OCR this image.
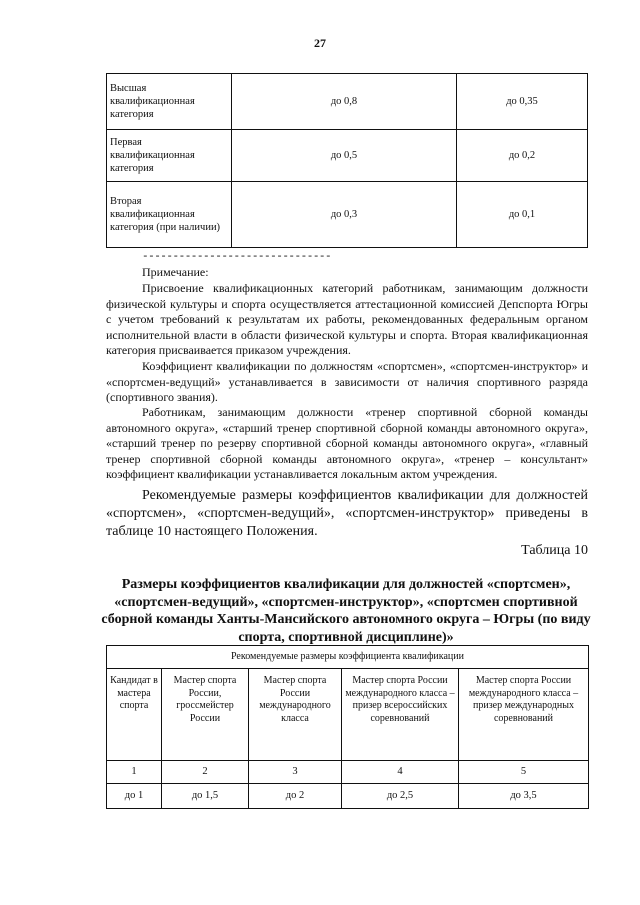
27
Высшая квалификационная категория	до 0,8	до 0,35
Первая квалификационная категория	до 0,5	до 0,2
Вторая квалификационная категория (при наличии)	до 0,3	до 0,1
-------------------------------
Примечание:
Присвоение квалификационных категорий работникам, занимающим должности физической культуры и спорта осуществляется аттестационной комиссией Депспорта Югры с учетом требований к результатам их работы, рекомендованных федеральным органом исполнительной власти в области физической культуры и спорта. Вторая квалификационная категория присваивается приказом учреждения.
Коэффициент квалификации по должностям «спортсмен», «спортсмен-инструктор» и «спортсмен-ведущий» устанавливается в зависимости от наличия спортивного разряда (спортивного звания).
Работникам, занимающим должности «тренер спортивной сборной команды автономного округа», «старший тренер спортивной сборной команды автономного округа», «старший тренер по резерву спортивной сборной команды автономного округа», «главный тренер спортивной сборной команды автономного округа», «тренер – консультант» коэффициент квалификации устанавливается локальным актом учреждения.
Рекомендуемые размеры коэффициентов квалификации для должностей «спортсмен», «спортсмен-ведущий», «спортсмен-инструктор» приведены в таблице 10 настоящего Положения.
Таблица 10
Размеры коэффициентов квалификации для должностей «спортсмен», «спортсмен-ведущий», «спортсмен-инструктор», «спортсмен спортивной сборной команды Ханты-Мансийского автономного округа – Югры (по виду спорта, спортивной дисциплине)»
Рекомендуемые размеры коэффициента квалификации				
Кандидат в мастера спорта	Мастер спорта России, гроссмейстер России	Мастер спорта России международного класса	Мастер спорта России международного класса – призер всероссийских соревнований	Мастер спорта России международного класса – призер международных соревнований
1	2	3	4	5
до 1	до 1,5	до 2	до 2,5	до 3,5
